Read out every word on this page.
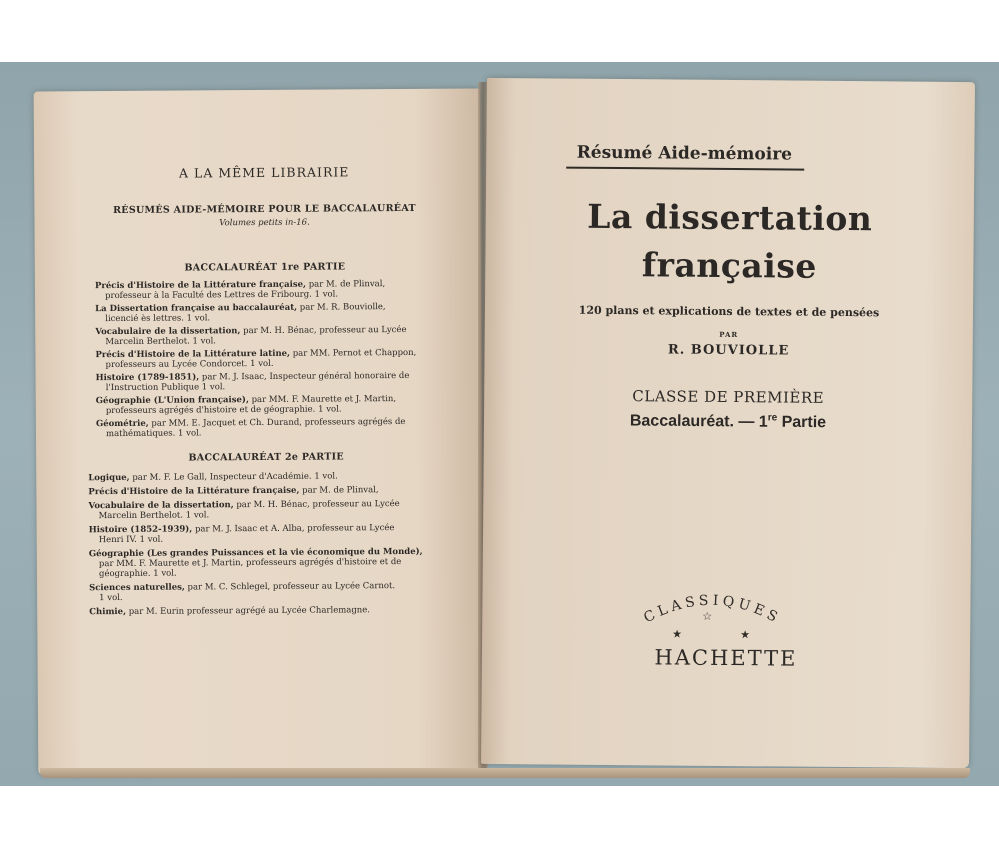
A LA MÊME LIBRAIRIE
RÉSUMÉS AIDE-MÉMOIRE POUR LE BACCALAURÉAT
Volumes petits in-16.
BACCALAURÉAT 1re PARTIE
Précis d'Histoire de la Littérature française, par M. de Plinval,
professeur à la Faculté des Lettres de Fribourg. 1 vol.
La Dissertation française au baccalauréat, par M. R. Bouviolle,
licencié ès lettres. 1 vol.
Vocabulaire de la dissertation, par M. H. Bénac, professeur au Lycée
Marcelin Berthelot. 1 vol.
Précis d'Histoire de la Littérature latine, par MM. Pernot et Chappon,
professeurs au Lycée Condorcet. 1 vol.
Histoire (1789-1851), par M. J. Isaac, Inspecteur général honoraire de
l'Instruction Publique 1 vol.
Géographie (L'Union française), par MM. F. Maurette et J. Martin,
professeurs agrégés d'histoire et de géographie. 1 vol.
Géométrie, par MM. E. Jacquet et Ch. Durand, professeurs agrégés de
mathématiques. 1 vol.
BACCALAURÉAT 2e PARTIE
Logique, par M. F. Le Gall, Inspecteur d'Académie. 1 vol.
Précis d'Histoire de la Littérature française, par M. de Plinval,
Vocabulaire de la dissertation, par M. H. Bénac, professeur au Lycée
Marcelin Berthelot. 1 vol.
Histoire (1852-1939), par M. J. Isaac et A. Alba, professeur au Lycée
Henri IV. 1 vol.
Géographie (Les grandes Puissances et la vie économique du Monde),
par MM. F. Maurette et J. Martin, professeurs agrégés d'histoire et de géographie. 1 vol.
Sciences naturelles, par M. C. Schlegel, professeur au Lycée Carnot.
1 vol.
Chimie, par M. Eurin professeur agrégé au Lycée Charlemagne.
Résumé Aide-mémoire
La dissertation
française
120 plans et explications de textes et de pensées
PAR
R. BOUVIOLLE
CLASSE DE PREMIÈRE
Baccalauréat. — 1re Partie
CLASSIQUES
★
☆
★
HACHETTE
